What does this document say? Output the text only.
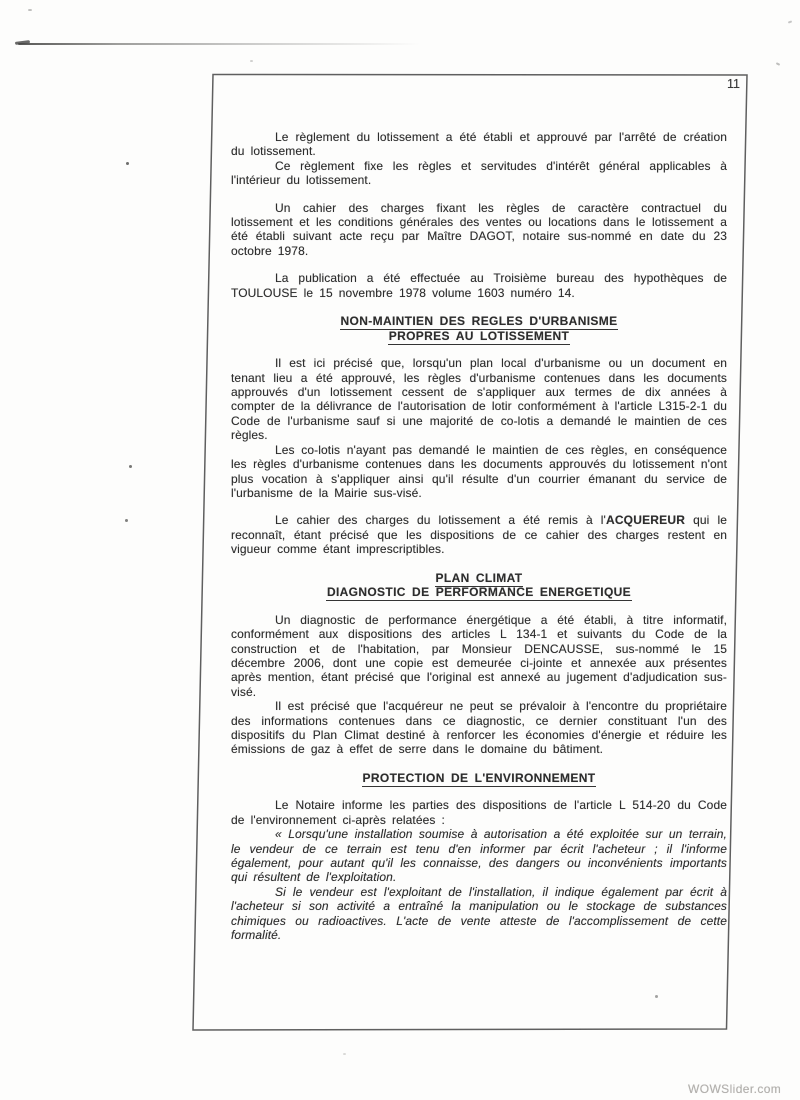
11
Le règlement du lotissement a été établi et approuvé par l'arrêté de création du lotissement.
Ce règlement fixe les règles et servitudes d'intérêt général applicables à l'intérieur du lotissement.
Un cahier des charges fixant les règles de caractère contractuel du lotissement et les conditions générales des ventes ou locations dans le lotissement a été établi suivant acte reçu par Maître DAGOT, notaire sus-nommé en date du 23 octobre 1978.
La publication a été effectuée au Troisième bureau des hypothèques de TOULOUSE le 15 novembre 1978 volume 1603 numéro 14.
NON-MAINTIEN DES REGLES D'URBANISME
PROPRES AU LOTISSEMENT
Il est ici précisé que, lorsqu'un plan local d'urbanisme ou un document en tenant lieu a été approuvé, les règles d'urbanisme contenues dans les documents approuvés d'un lotissement cessent de s'appliquer aux termes de dix années à compter de la délivrance de l'autorisation de lotir conformément à l'article L315-2-1 du Code de l'urbanisme sauf si une majorité de co-lotis a demandé le maintien de ces règles.
Les co-lotis n'ayant pas demandé le maintien de ces règles, en conséquence les règles d'urbanisme contenues dans les documents approuvés du lotissement n'ont plus vocation à s'appliquer ainsi qu'il résulte d'un courrier émanant du service de l'urbanisme de la Mairie sus-visé.
Le cahier des charges du lotissement a été remis à l'ACQUEREUR qui le reconnaît, étant précisé que les dispositions de ce cahier des charges restent en vigueur comme étant imprescriptibles.
PLAN CLIMAT
DIAGNOSTIC DE PERFORMANCE ENERGETIQUE
Un diagnostic de performance énergétique a été établi, à titre informatif, conformément aux dispositions des articles L 134-1 et suivants du Code de la construction et de l'habitation, par Monsieur DENCAUSSE, sus-nommé le 15 décembre 2006, dont une copie est demeurée ci-jointe et annexée aux présentes après mention, étant précisé que l'original est annexé au jugement d'adjudication sus-visé.
Il est précisé que l'acquéreur ne peut se prévaloir à l'encontre du propriétaire des informations contenues dans ce diagnostic, ce dernier constituant l'un des dispositifs du Plan Climat destiné à renforcer les économies d'énergie et réduire les émissions de gaz à effet de serre dans le domaine du bâtiment.
PROTECTION DE L'ENVIRONNEMENT
Le Notaire informe les parties des dispositions de l'article L 514-20 du Code de l'environnement ci-après relatées :
« Lorsqu'une installation soumise à autorisation a été exploitée sur un terrain, le vendeur de ce terrain est tenu d'en informer par écrit l'acheteur ; il l'informe également, pour autant qu'il les connaisse, des dangers ou inconvénients importants qui résultent de l'exploitation.
Si le vendeur est l'exploitant de l'installation, il indique également par écrit à l'acheteur si son activité a entraîné la manipulation ou le stockage de substances chimiques ou radioactives. L'acte de vente atteste de l'accomplissement de cette formalité.
WOWSlider.com
